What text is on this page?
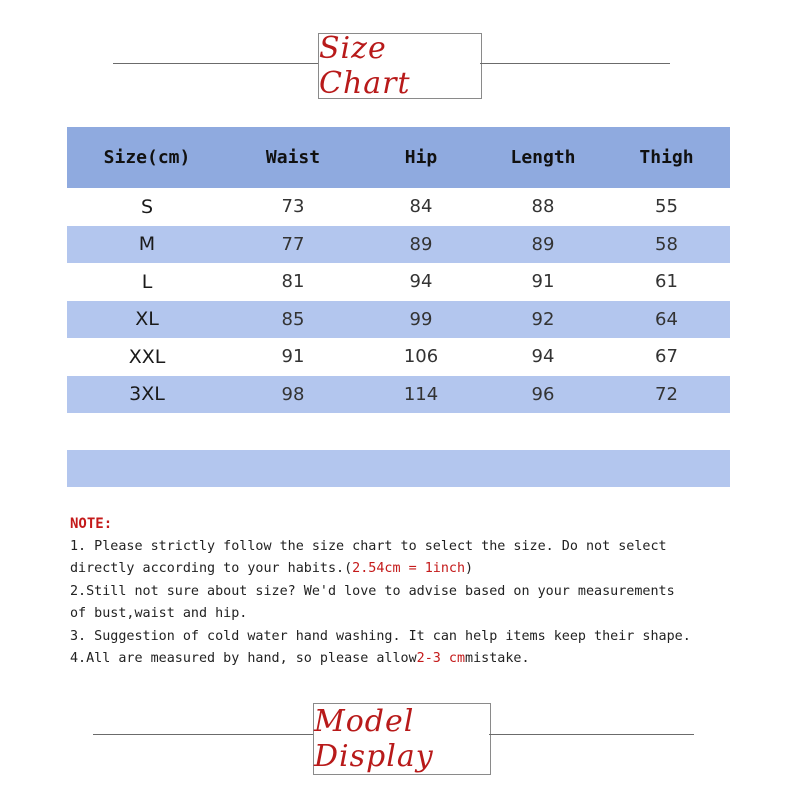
Size Chart
Size(cm)	Waist	Hip	Length	Thigh
S	73	84	88	55
M	77	89	89	58
L	81	94	91	61
XL	85	99	92	64
XXL	91	106	94	67
3XL	98	114	96	72

NOTE:

1. Please strictly follow the size chart to select the size. Do not select

directly according to your habits.(2.54cm = 1inch)

2.Still not sure about size? We'd love to advise based on your measurements

of bust,waist and hip.

3. Suggestion of cold water hand washing. It can help items keep their shape.

4.All are measured by hand, so please allow2-3 cmmistake.

Model Display
